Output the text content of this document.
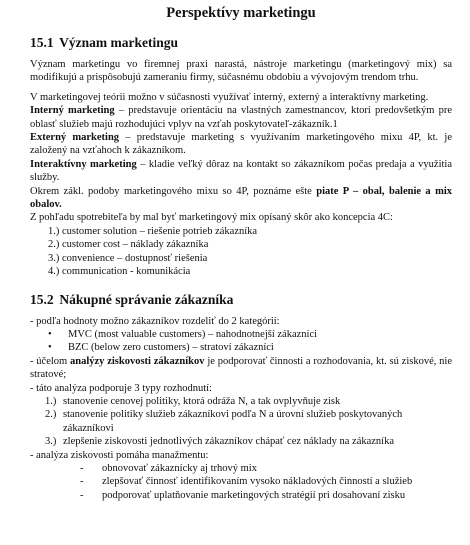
Perspektívy marketingu
15.1 Význam marketingu

Význam marketingu vo firemnej praxi narastá, nástroje marketingu (marketingový mix) sa modifikujú a prispôsobujú zameraniu firmy, súčasnému obdobiu a vývojovým trendom trhu.

V marketingovej teórii možno v súčasnosti využívať interný, externý a interaktívny marketing.

Interný marketing – predstavuje orientáciu na vlastných zamestnancov, ktorí predovšetkým pre oblasť služieb majú rozhodujúci vplyv na vzťah poskytovateľ-zákazník.1

Externý marketing – predstavuje marketing s využívaním marketingového mixu 4P, kt. je založený na vzťahoch k zákazníkom.

Interaktívny marketing – kladie veľký dôraz na kontakt so zákazníkom počas predaja a využitia služby.

Okrem zákl. podoby marketingového mixu so 4P, poznáme ešte piate P – obal, balenie a mix obalov.

Z pohľadu spotrebiteľa by mal byť marketingový mix opísaný skôr ako koncepcia 4C:

1.) customer solution – riešenie potrieb zákazníka
2.) customer cost – náklady zákazníka
3.) convenience – dostupnosť riešenia
4.) communication - komunikácia
15.2 Nákupné správanie zákazníka

- podľa hodnoty možno zákazníkov rozdeliť do 2 kategórií:

•	MVC (most valuable customers) – nahodnotnejší zákazníci
•	BZC (below zero customers) – stratoví zákazníci

- účelom analýzy ziskovosti zákazníkov je podporovať činnosti a rozhodovania, kt. sú ziskové, nie stratové;

- táto analýza podporuje 3 typy rozhodnutí:

1.) stanovenie cenovej politiky, ktorá odráža N, a tak ovplyvňuje zisk
2.) stanovenie politiky služieb zákazníkovi podľa N a úrovní služieb poskytovaných zákazníkovi
3.) zlepšenie ziskovosti jednotlivých zákazníkov chápať cez náklady na zákazníka

- analýza ziskovosti pomáha manažmentu:

-	obnovovať zákaznícky aj trhový mix
-	zlepšovať činnosť identifikovaním vysoko nákladových činností a služieb
-	podporovať uplatňovanie marketingových stratégií pri dosahovaní zisku
